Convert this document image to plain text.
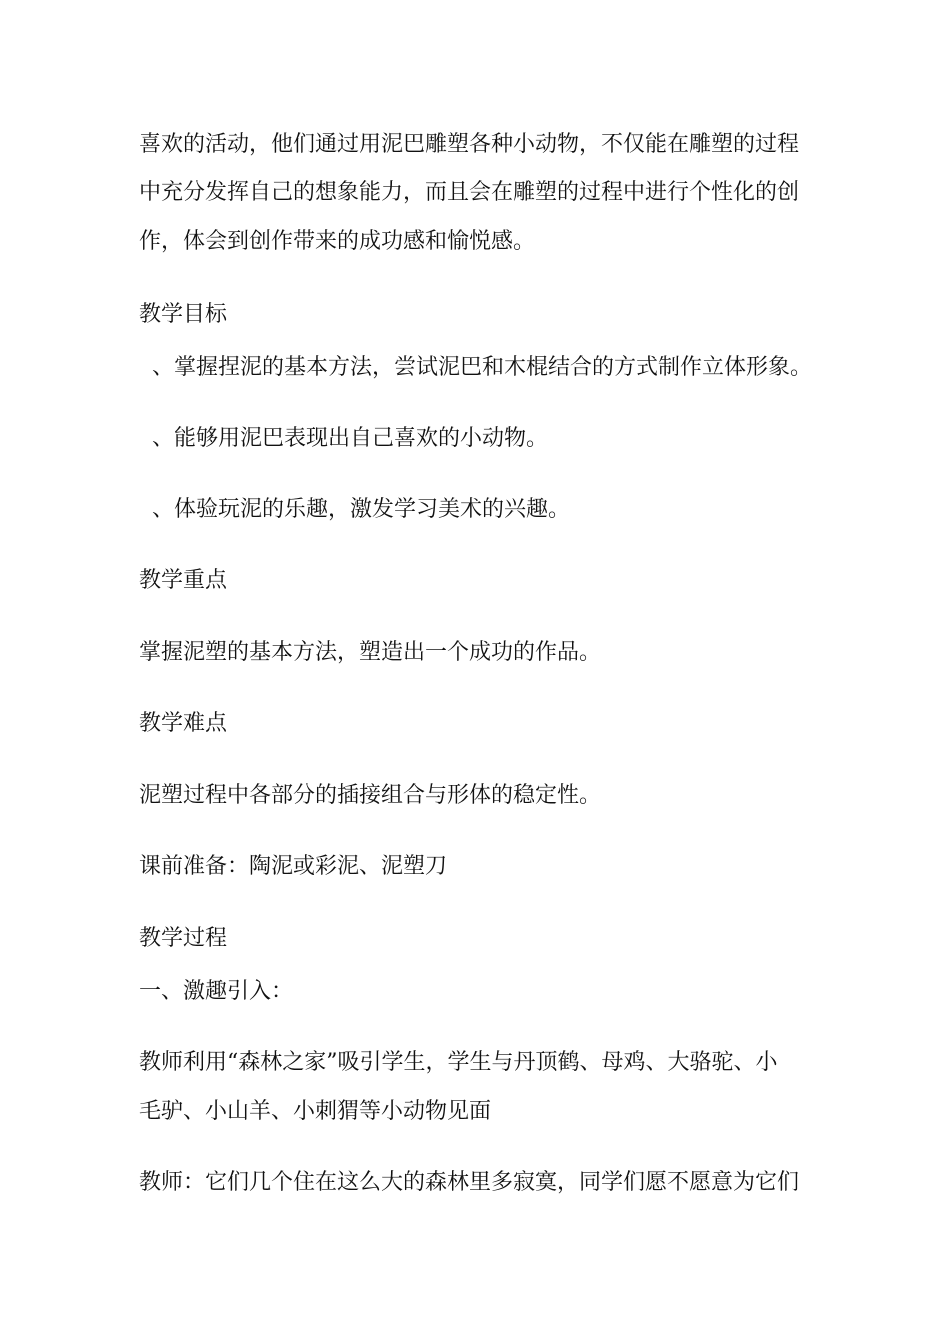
喜欢的活动，他们通过用泥巴雕塑各种小动物，不仅能在雕塑的过程
中充分发挥自己的想象能力，而且会在雕塑的过程中进行个性化的创
作，体会到创作带来的成功感和愉悦感。
教学目标
、掌握捏泥的基本方法，尝试泥巴和木棍结合的方式制作立体形象。
、能够用泥巴表现出自己喜欢的小动物。
、体验玩泥的乐趣，激发学习美术的兴趣。
教学重点
掌握泥塑的基本方法，塑造出一个成功的作品。
教学难点
泥塑过程中各部分的插接组合与形体的稳定性。
课前准备：陶泥或彩泥、泥塑刀
教学过程
一、激趣引入：
教师利用“森林之家”吸引学生，学生与丹顶鹤、母鸡、大骆驼、小
毛驴、小山羊、小刺猬等小动物见面
教师：它们几个住在这么大的森林里多寂寞，同学们愿不愿意为它们
